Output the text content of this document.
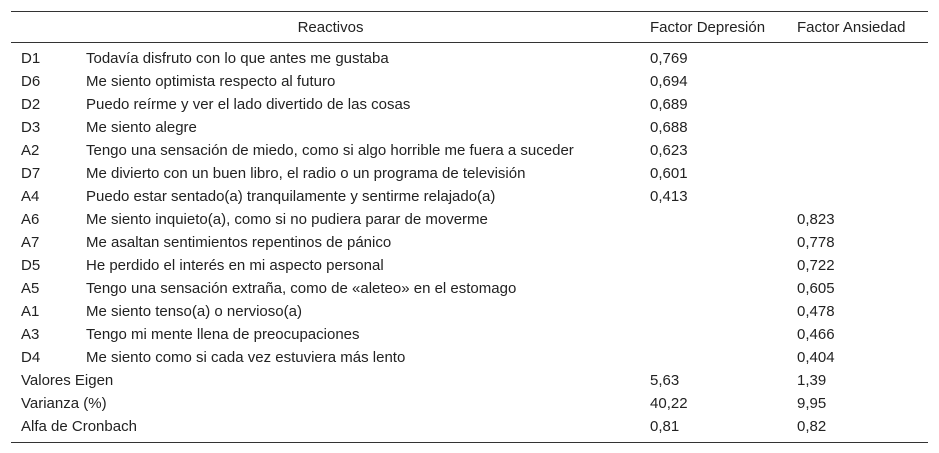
Reactivos		Factor Depresión	Factor Ansiedad
D1	Todavía disfruto con lo que antes me gustaba	0,769	
D6	Me siento optimista respecto al futuro	0,694	
D2	Puedo reírme y ver el lado divertido de las cosas	0,689	
D3	Me siento alegre	0,688	
A2	Tengo una sensación de miedo, como si algo horrible me fuera a suceder	0,623	
D7	Me divierto con un buen libro, el radio o un programa de televisión	0,601	
A4	Puedo estar sentado(a) tranquilamente y sentirme relajado(a)	0,413	
A6	Me siento inquieto(a), como si no pudiera parar de moverme		0,823
A7	Me asaltan sentimientos repentinos de pánico		0,778
D5	He perdido el interés en mi aspecto personal		0,722
A5	Tengo una sensación extraña, como de «aleteo» en el estomago		0,605
A1	Me siento tenso(a) o nervioso(a)		0,478
A3	Tengo mi mente llena de preocupaciones		0,466
D4	Me siento como si cada vez estuviera más lento		0,404
Valores Eigen		5,63	1,39
Varianza (%)		40,22	9,95
Alfa de Cronbach		0,81	0,82
